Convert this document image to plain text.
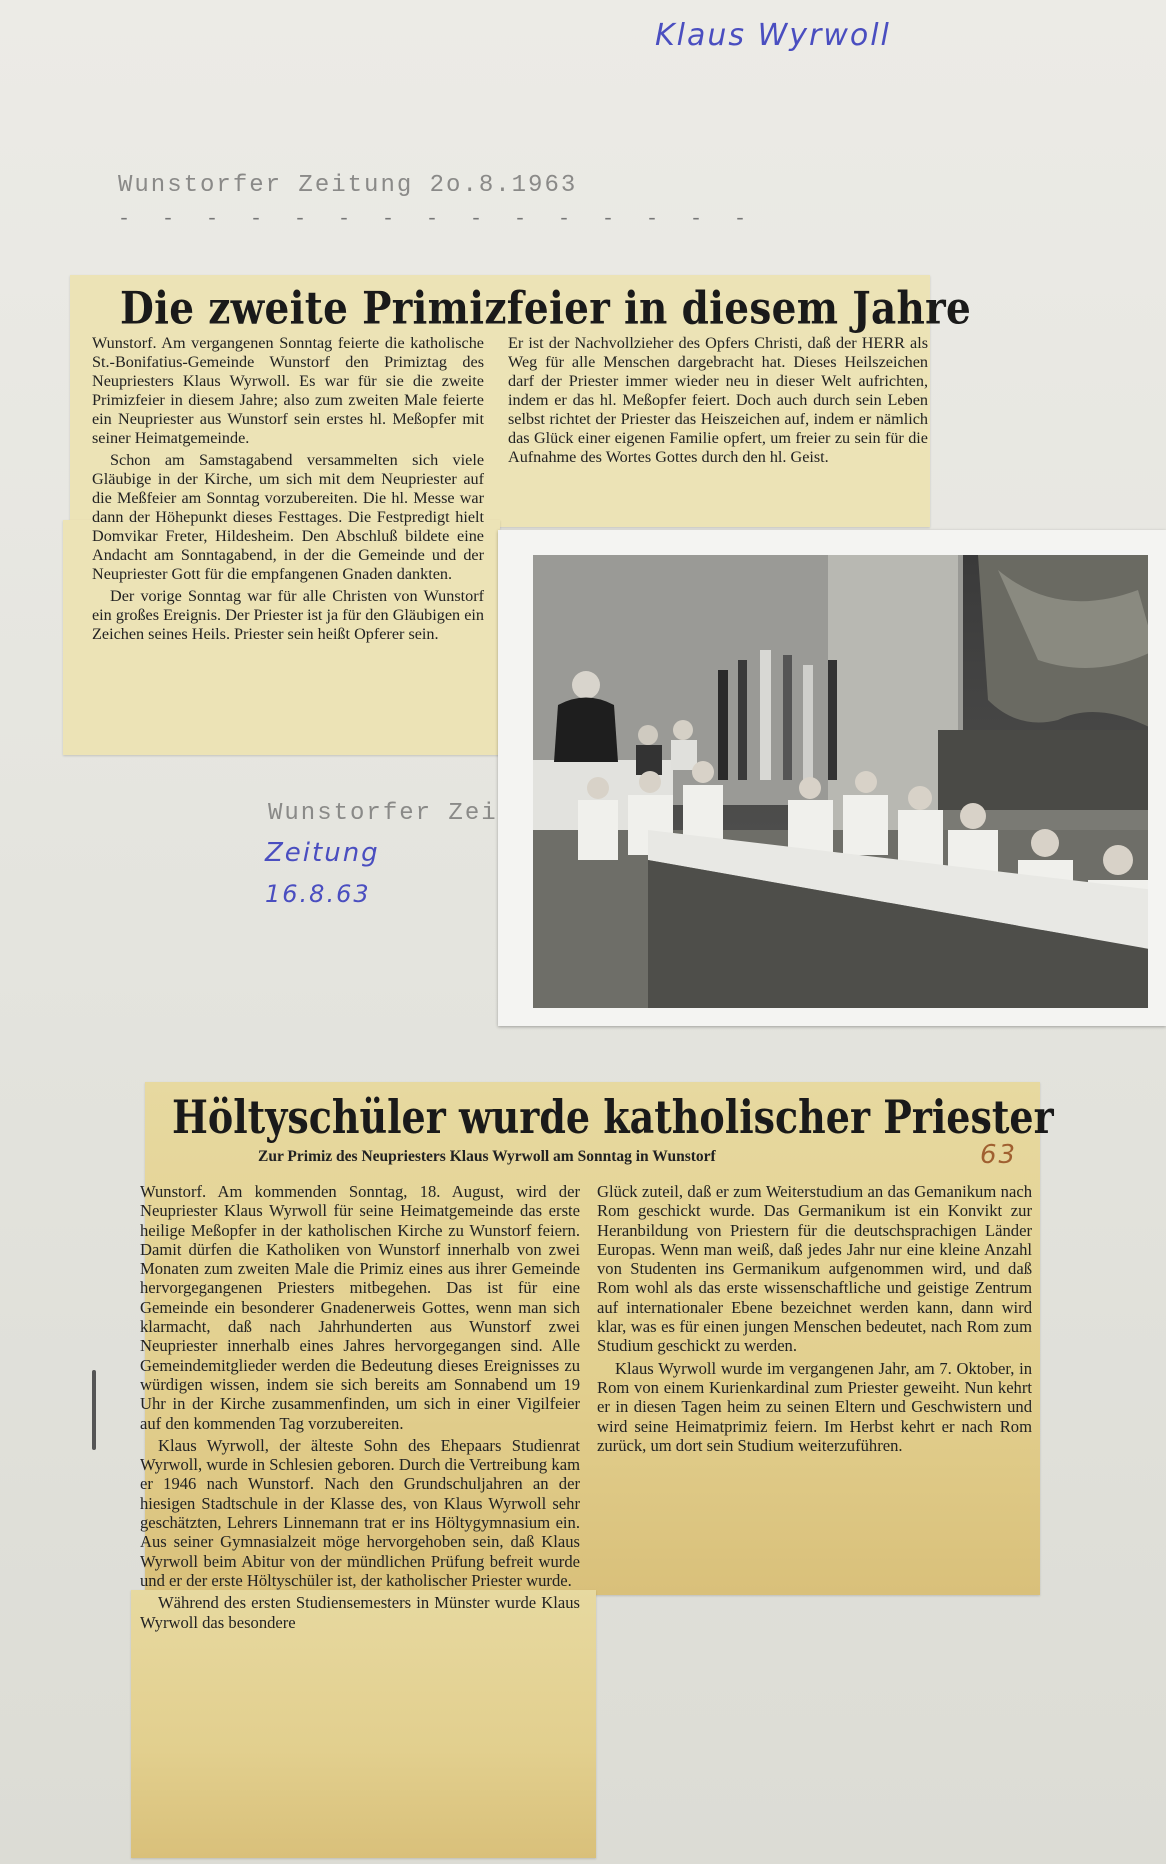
Klaus Wyrwoll
Wunstorfer Zeitung 2o.8.1963
- - - - - - - - - - - - - - -
Die zweite Primizfeier in diesem Jahre

Wunstorf. Am vergangenen Sonntag feierte die katholische St.-Bonifatius-Gemeinde Wunstorf den Primiztag des Neupriesters Klaus Wyrwoll. Es war für sie die zweite Primizfeier in diesem Jahre; also zum zweiten Male feierte ein Neupriester aus Wunstorf sein erstes hl. Meßopfer mit seiner Heimatgemeinde.

Schon am Samstagabend versammelten sich viele Gläubige in der Kirche, um sich mit dem Neupriester auf die Meßfeier am Sonntag vorzubereiten. Die hl. Messe war dann der Höhepunkt dieses Festtages. Die Festpredigt hielt Domvikar Freter, Hildesheim. Den Abschluß bildete eine Andacht am Sonntagabend, in der die Gemeinde und der Neupriester Gott für die empfangenen Gnaden dankten.

Der vorige Sonntag war für alle Christen von Wunstorf ein großes Ereignis. Der Priester ist ja für den Gläubigen ein Zeichen seines Heils. Priester sein heißt Opferer sein.

Er ist der Nachvollzieher des Opfers Christi, daß der HERR als Weg für alle Menschen dargebracht hat. Dieses Heilszeichen darf der Priester immer wieder neu in dieser Welt aufrichten, indem er das hl. Meßopfer feiert. Doch auch durch sein Leben selbst richtet der Priester das Heiszeichen auf, indem er nämlich das Glück einer eigenen Familie opfert, um freier zu sein für die Aufnahme des Wortes Gottes durch den hl. Geist.

Wunstorfer Zei
Zeitung
16.8.63
Höltyschüler wurde katholischer Priester
Zur Primiz des Neupriesters Klaus Wyrwoll am Sonntag in Wunstorf	63

Wunstorf. Am kommenden Sonntag, 18. August, wird der Neupriester Klaus Wyrwoll für seine Heimatgemeinde das erste heilige Meßopfer in der katholischen Kirche zu Wunstorf feiern. Damit dürfen die Katholiken von Wunstorf innerhalb von zwei Monaten zum zweiten Male die Primiz eines aus ihrer Gemeinde hervorgegangenen Priesters mitbegehen. Das ist für eine Gemeinde ein besonderer Gnadenerweis Gottes, wenn man sich klarmacht, daß nach Jahrhunderten aus Wunstorf zwei Neupriester innerhalb eines Jahres hervorgegangen sind. Alle Gemeindemitglieder werden die Bedeutung dieses Ereignisses zu würdigen wissen, indem sie sich bereits am Sonnabend um 19 Uhr in der Kirche zusammenfinden, um sich in einer Vigilfeier auf den kommenden Tag vorzubereiten.

Klaus Wyrwoll, der älteste Sohn des Ehepaars Studienrat Wyrwoll, wurde in Schlesien geboren. Durch die Vertreibung kam er 1946 nach Wunstorf. Nach den Grundschuljahren an der hiesigen Stadtschule in der Klasse des, von Klaus Wyrwoll sehr geschätzten, Lehrers Linnemann trat er ins Höltygymnasium ein. Aus seiner Gymnasialzeit möge hervorgehoben sein, daß Klaus Wyrwoll beim Abitur von der mündlichen Prüfung befreit wurde und er der erste Höltyschüler ist, der katholischer Priester wurde.

Während des ersten Studiensemesters in Münster wurde Klaus Wyrwoll das besondere

Glück zuteil, daß er zum Weiterstudium an das Gemanikum nach Rom geschickt wurde. Das Germanikum ist ein Konvikt zur Heranbildung von Priestern für die deutschsprachigen Länder Europas. Wenn man weiß, daß jedes Jahr nur eine kleine Anzahl von Studenten ins Germanikum aufgenommen wird, und daß Rom wohl als das erste wissenschaftliche und geistige Zentrum auf internationaler Ebene bezeichnet werden kann, dann wird klar, was es für einen jungen Menschen bedeutet, nach Rom zum Studium geschickt zu werden.

Klaus Wyrwoll wurde im vergangenen Jahr, am 7. Oktober, in Rom von einem Kurienkardinal zum Priester geweiht. Nun kehrt er in diesen Tagen heim zu seinen Eltern und Geschwistern und wird seine Heimatprimiz feiern. Im Herbst kehrt er nach Rom zurück, um dort sein Studium weiterzuführen.
